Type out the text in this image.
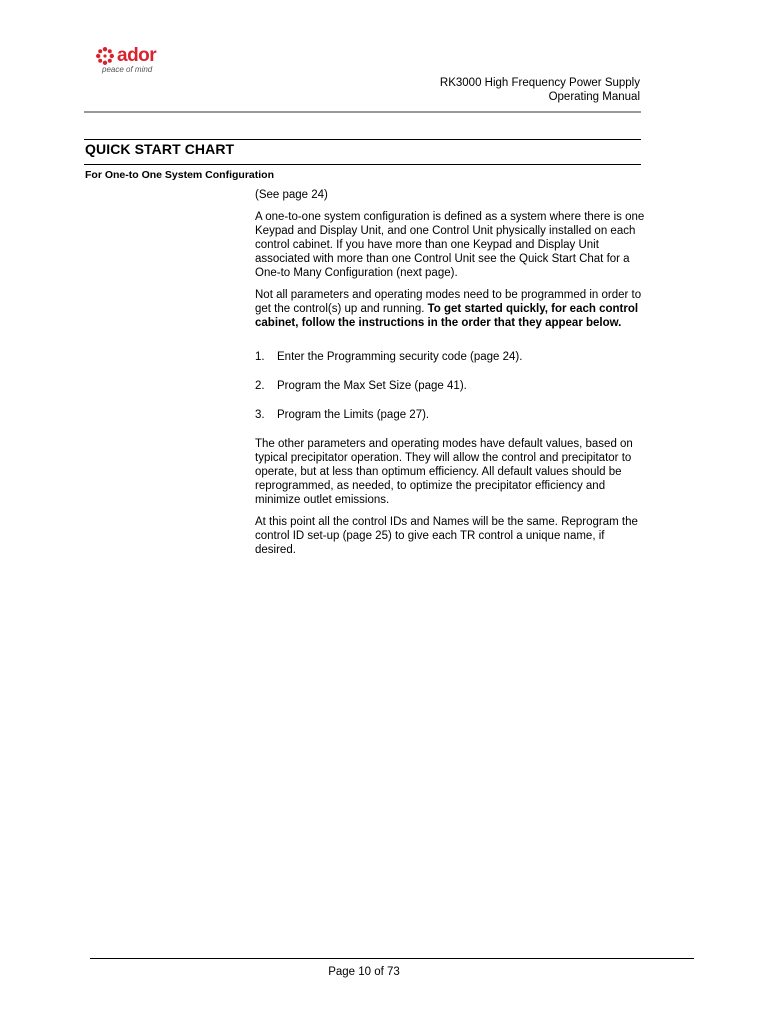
ador
peace of mind
RK3000 High Frequency Power Supply
Operating Manual
QUICK START CHART
For One-to One System Configuration

(See page 24)

A one-to-one system configuration is defined as a system where there is one Keypad and Display Unit, and one Control Unit physically installed on each control cabinet. If you have more than one Keypad and Display Unit associated with more than one Control Unit see the Quick Start Chat for a One-to Many Configuration (next page).

Not all parameters and operating modes need to be programmed in order to get the control(s) up and running. To get started quickly, for each control cabinet, follow the instructions in the order that they appear below.

1.	Enter the Programming security code (page 24).
2.	Program the Max Set Size (page 41).
3.	Program the Limits (page 27).

The other parameters and operating modes have default values, based on typical precipitator operation. They will allow the control and precipitator to operate, but at less than optimum efficiency. All default values should be reprogrammed, as needed, to optimize the precipitator efficiency and minimize outlet emissions.

At this point all the control IDs and Names will be the same. Reprogram the control ID set-up (page 25) to give each TR control a unique name, if desired.

Page 10 of 73
